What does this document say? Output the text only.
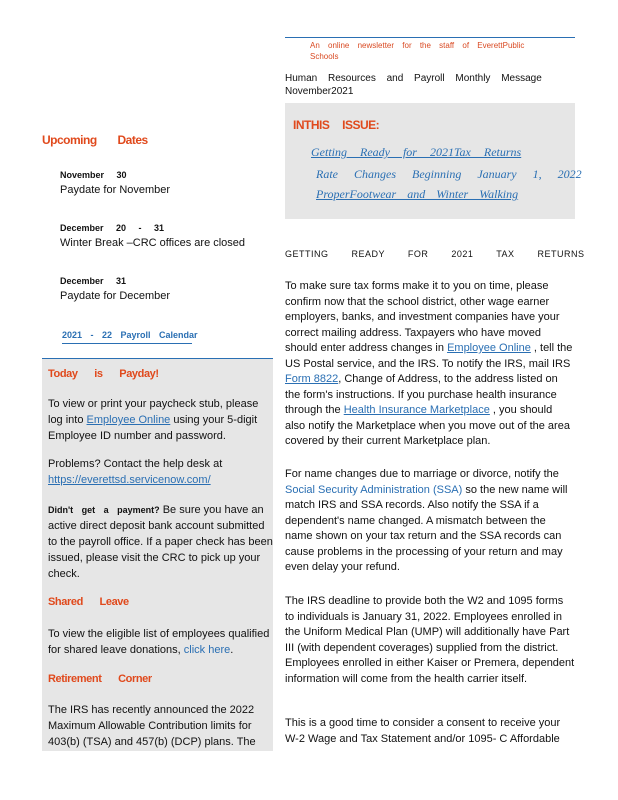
An online newsletter for the staff of EverettPublic Schools
Human Resources and Payroll Monthly Message November2021
INTHIS ISSUE:
Getting Ready for 2021Tax Returns
Rate Changes Beginning January 1, 2022
ProperFootwear and Winter Walking
Upcoming Dates
November 30
Paydate for November
December 20 - 31
Winter Break –CRC offices are closed
December 31
Paydate for December
2021 - 22 Payroll Calendar
Today is Payday!
To view or print your paycheck stub, please log into Employee Online using your 5-digit Employee ID number and password.
Problems? Contact the help desk at
https://everettsd.servicenow.com/
Didn't get a payment? Be sure you have an active direct deposit bank account submitted to the payroll office. If a paper check has been issued, please visit the CRC to pick up your check.
Shared Leave
To view the eligible list of employees qualified for shared leave donations, click here.
Retirement Corner
The IRS has recently announced the 2022 Maximum Allowable Contribution limits for 403(b) (TSA) and 457(b) (DCP) plans. The
GETTING READY FOR 2021 TAX RETURNS
To make sure tax forms make it to you on time, please confirm now that the school district, other wage earner employers, banks, and investment companies have your correct mailing address. Taxpayers who have moved should enter address changes in Employee Online , tell the US Postal service, and the IRS. To notify the IRS, mail IRS Form 8822, Change of Address, to the address listed on the form's instructions. If you purchase health insurance through the Health Insurance Marketplace , you should also notify the Marketplace when you move out of the area covered by their current Marketplace plan.
For name changes due to marriage or divorce, notify the Social Security Administration (SSA) so the new name will match IRS and SSA records. Also notify the SSA if a dependent's name changed. A mismatch between the name shown on your tax return and the SSA records can cause problems in the processing of your return and may even delay your refund.
The IRS deadline to provide both the W2 and 1095 forms to individuals is January 31, 2022. Employees enrolled in the Uniform Medical Plan (UMP) will additionally have Part III (with dependent coverages) supplied from the district. Employees enrolled in either Kaiser or Premera, dependent information will come from the health carrier itself.
This is a good time to consider a consent to receive your W-2 Wage and Tax Statement and/or 1095- C Affordable
